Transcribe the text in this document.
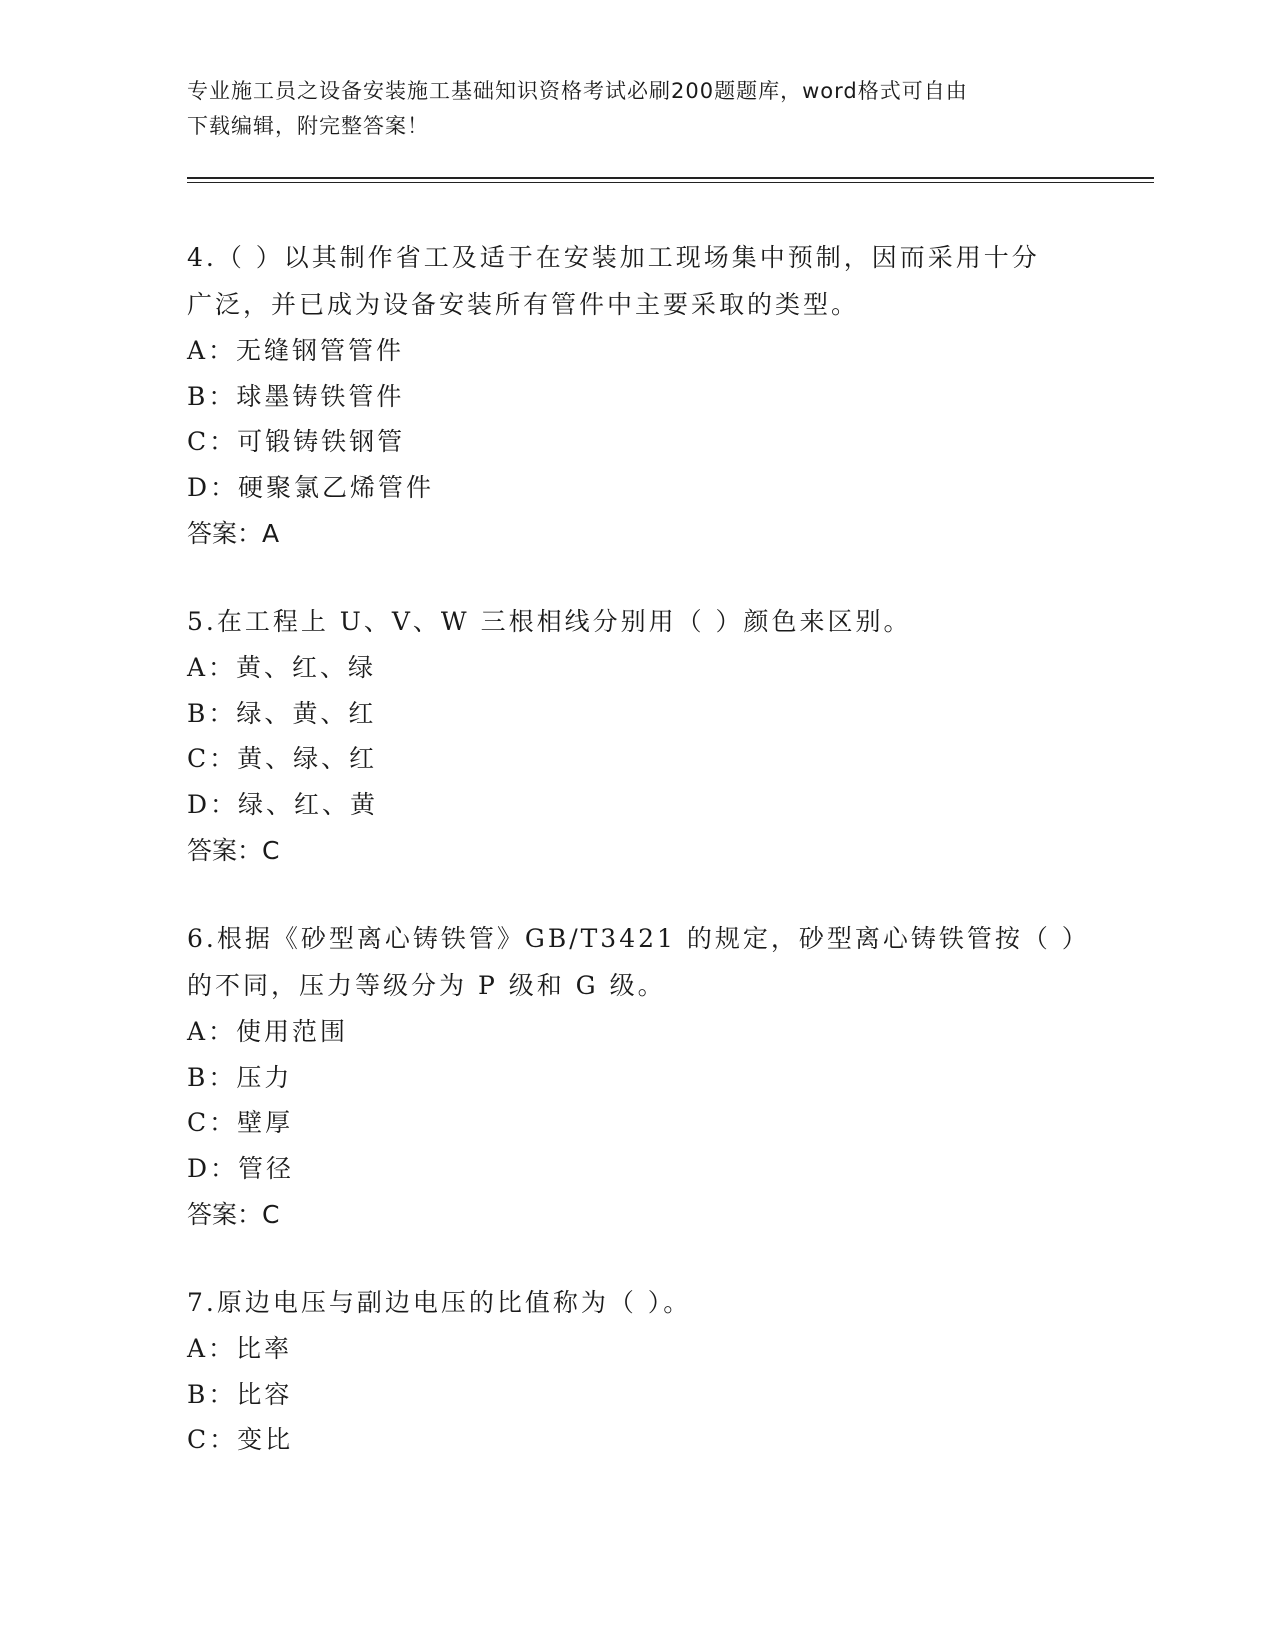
专业施工员之设备安装施工基础知识资格考试必刷200题题库，word格式可自由
下载编辑，附完整答案！

4.（ ）以其制作省工及适于在安装加工现场集中预制，因而采用十分

广泛，并已成为设备安装所有管件中主要采取的类型。

A：无缝钢管管件

B：球墨铸铁管件

C：可锻铸铁钢管

D：硬聚氯乙烯管件

答案：A

5.在工程上 U、V、W 三根相线分别用（ ）颜色来区别。

A：黄、红、绿

B：绿、黄、红

C：黄、绿、红

D：绿、红、黄

答案：C

6.根据《砂型离心铸铁管》GB/T3421 的规定，砂型离心铸铁管按（ ）

的不同，压力等级分为 P 级和 G 级。

A：使用范围

B：压力

C：壁厚

D：管径

答案：C

7.原边电压与副边电压的比值称为（ ）。

A：比率

B：比容

C：变比
